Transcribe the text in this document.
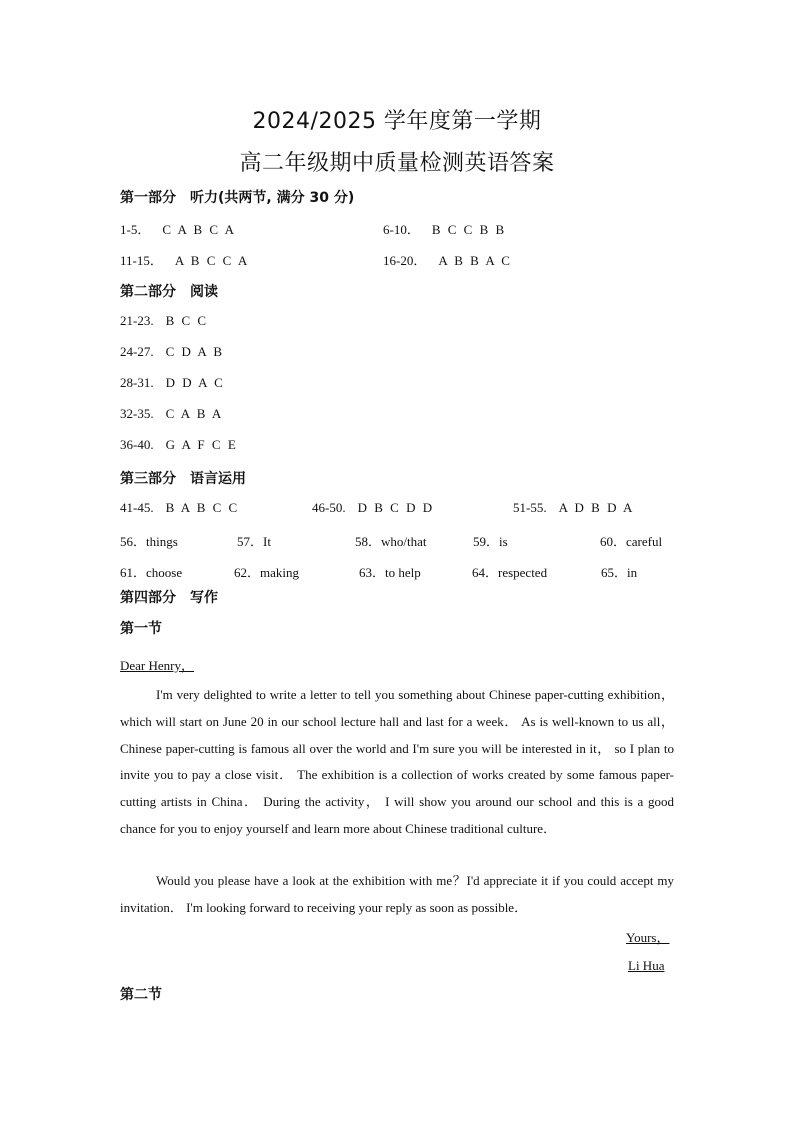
2024/2025 学年度第一学期
高二年级期中质量检测英语答案
第一部分 听力(共两节, 满分 30 分)
1-5． C A B C A	6-10． B C C B B
11-15． A B C C A	16-20． A B B A C
第二部分 阅读
21-23. B C C
24-27. C D A B
28-31. D D A C
32-35. C A B A
36-40. G A F C E
第三部分 语言运用
41-45. B A B C C	46-50. D B C D D	51-55. A D B D A
56．things	57．It	58．who/that	59．is	60．careful
61．choose	62．making	63．to help	64．respected	65．in
第四部分 写作
第一节
Dear Henry，
I'm very delighted to write a letter to tell you something about Chinese paper-cutting exhibition， which will start on June 20 in our school lecture hall and last for a week． As is well-known to us all， Chinese paper-cutting is famous all over the world and I'm sure you will be interested in it， so I plan to invite you to pay a close visit． The exhibition is a collection of works created by some famous paper-cutting artists in China． During the activity， I will show you around our school and this is a good chance for you to enjoy yourself and learn more about Chinese traditional culture．
Would you please have a look at the exhibition with me？I'd appreciate it if you could accept my invitation． I'm looking forward to receiving your reply as soon as possible．
Yours，
Li Hua
第二节
